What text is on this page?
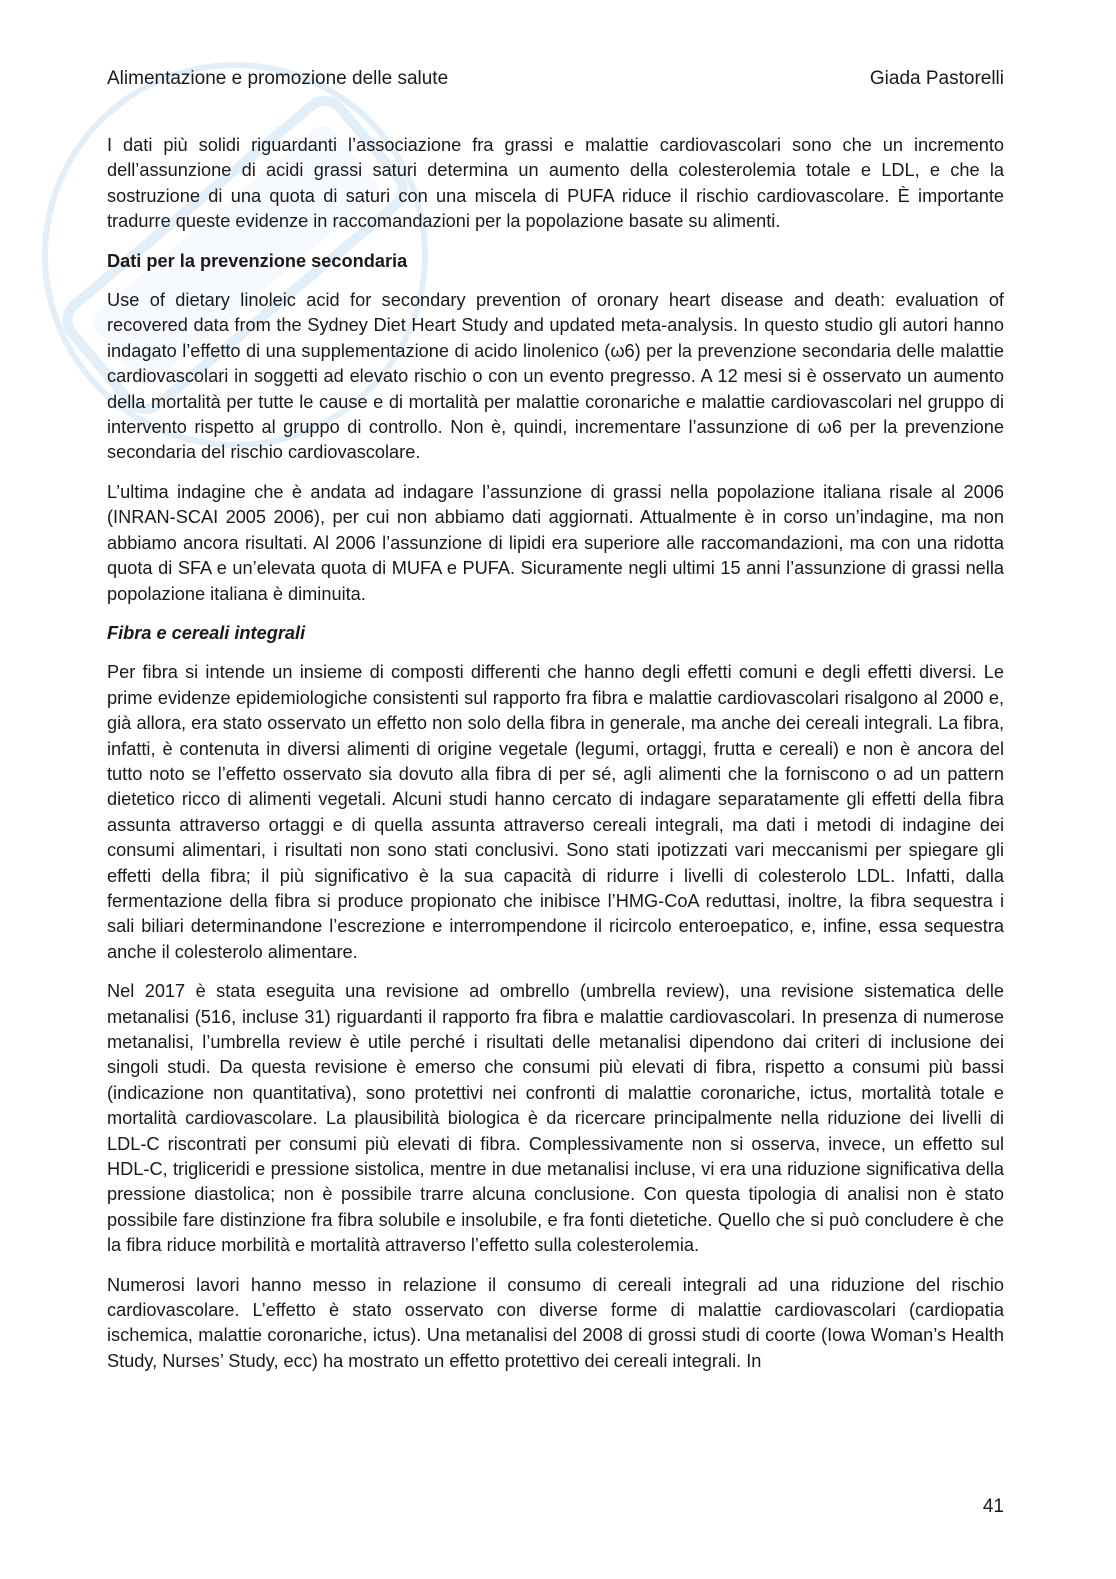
Alimentazione e promozione delle salute	Giada Pastorelli

I dati più solidi riguardanti l’associazione fra grassi e malattie cardiovascolari sono che un incremento dell’assunzione di acidi grassi saturi determina un aumento della colesterolemia totale e LDL, e che la sostruzione di una quota di saturi con una miscela di PUFA riduce il rischio cardiovascolare. È importante tradurre queste evidenze in raccomandazioni per la popolazione basate su alimenti.

Dati per la prevenzione secondaria

Use of dietary linoleic acid for secondary prevention of oronary heart disease and death: evaluation of recovered data from the Sydney Diet Heart Study and updated meta-analysis. In questo studio gli autori hanno indagato l’effetto di una supplementazione di acido linolenico (ω6) per la prevenzione secondaria delle malattie cardiovascolari in soggetti ad elevato rischio o con un evento pregresso. A 12 mesi si è osservato un aumento della mortalità per tutte le cause e di mortalità per malattie coronariche e malattie cardiovascolari nel gruppo di intervento rispetto al gruppo di controllo. Non è, quindi, incrementare l’assunzione di ω6 per la prevenzione secondaria del rischio cardiovascolare.

L’ultima indagine che è andata ad indagare l’assunzione di grassi nella popolazione italiana risale al 2006 (INRAN-SCAI 2005 2006), per cui non abbiamo dati aggiornati. Attualmente è in corso un’indagine, ma non abbiamo ancora risultati. Al 2006 l’assunzione di lipidi era superiore alle raccomandazioni, ma con una ridotta quota di SFA e un’elevata quota di MUFA e PUFA. Sicuramente negli ultimi 15 anni l’assunzione di grassi nella popolazione italiana è diminuita.

Fibra e cereali integrali

Per fibra si intende un insieme di composti differenti che hanno degli effetti comuni e degli effetti diversi. Le prime evidenze epidemiologiche consistenti sul rapporto fra fibra e malattie cardiovascolari risalgono al 2000 e, già allora, era stato osservato un effetto non solo della fibra in generale, ma anche dei cereali integrali. La fibra, infatti, è contenuta in diversi alimenti di origine vegetale (legumi, ortaggi, frutta e cereali) e non è ancora del tutto noto se l’effetto osservato sia dovuto alla fibra di per sé, agli alimenti che la forniscono o ad un pattern dietetico ricco di alimenti vegetali. Alcuni studi hanno cercato di indagare separatamente gli effetti della fibra assunta attraverso ortaggi e di quella assunta attraverso cereali integrali, ma dati i metodi di indagine dei consumi alimentari, i risultati non sono stati conclusivi. Sono stati ipotizzati vari meccanismi per spiegare gli effetti della fibra; il più significativo è la sua capacità di ridurre i livelli di colesterolo LDL. Infatti, dalla fermentazione della fibra si produce propionato che inibisce l’HMG-CoA reduttasi, inoltre, la fibra sequestra i sali biliari determinandone l’escrezione e interrompendone il ricircolo enteroepatico, e, infine, essa sequestra anche il colesterolo alimentare.

Nel 2017 è stata eseguita una revisione ad ombrello (umbrella review), una revisione sistematica delle metanalisi (516, incluse 31) riguardanti il rapporto fra fibra e malattie cardiovascolari. In presenza di numerose metanalisi, l’umbrella review è utile perché i risultati delle metanalisi dipendono dai criteri di inclusione dei singoli studi. Da questa revisione è emerso che consumi più elevati di fibra, rispetto a consumi più bassi (indicazione non quantitativa), sono protettivi nei confronti di malattie coronariche, ictus, mortalità totale e mortalità cardiovascolare. La plausibilità biologica è da ricercare principalmente nella riduzione dei livelli di LDL-C riscontrati per consumi più elevati di fibra. Complessivamente non si osserva, invece, un effetto sul HDL-C, trigliceridi e pressione sistolica, mentre in due metanalisi incluse, vi era una riduzione significativa della pressione diastolica; non è possibile trarre alcuna conclusione. Con questa tipologia di analisi non è stato possibile fare distinzione fra fibra solubile e insolubile, e fra fonti dietetiche. Quello che si può concludere è che la fibra riduce morbilità e mortalità attraverso l’effetto sulla colesterolemia.

Numerosi lavori hanno messo in relazione il consumo di cereali integrali ad una riduzione del rischio cardiovascolare. L’effetto è stato osservato con diverse forme di malattie cardiovascolari (cardiopatia ischemica, malattie coronariche, ictus). Una metanalisi del 2008 di grossi studi di coorte (Iowa Woman’s Health Study, Nurses’ Study, ecc) ha mostrato un effetto protettivo dei cereali integrali. In

41
